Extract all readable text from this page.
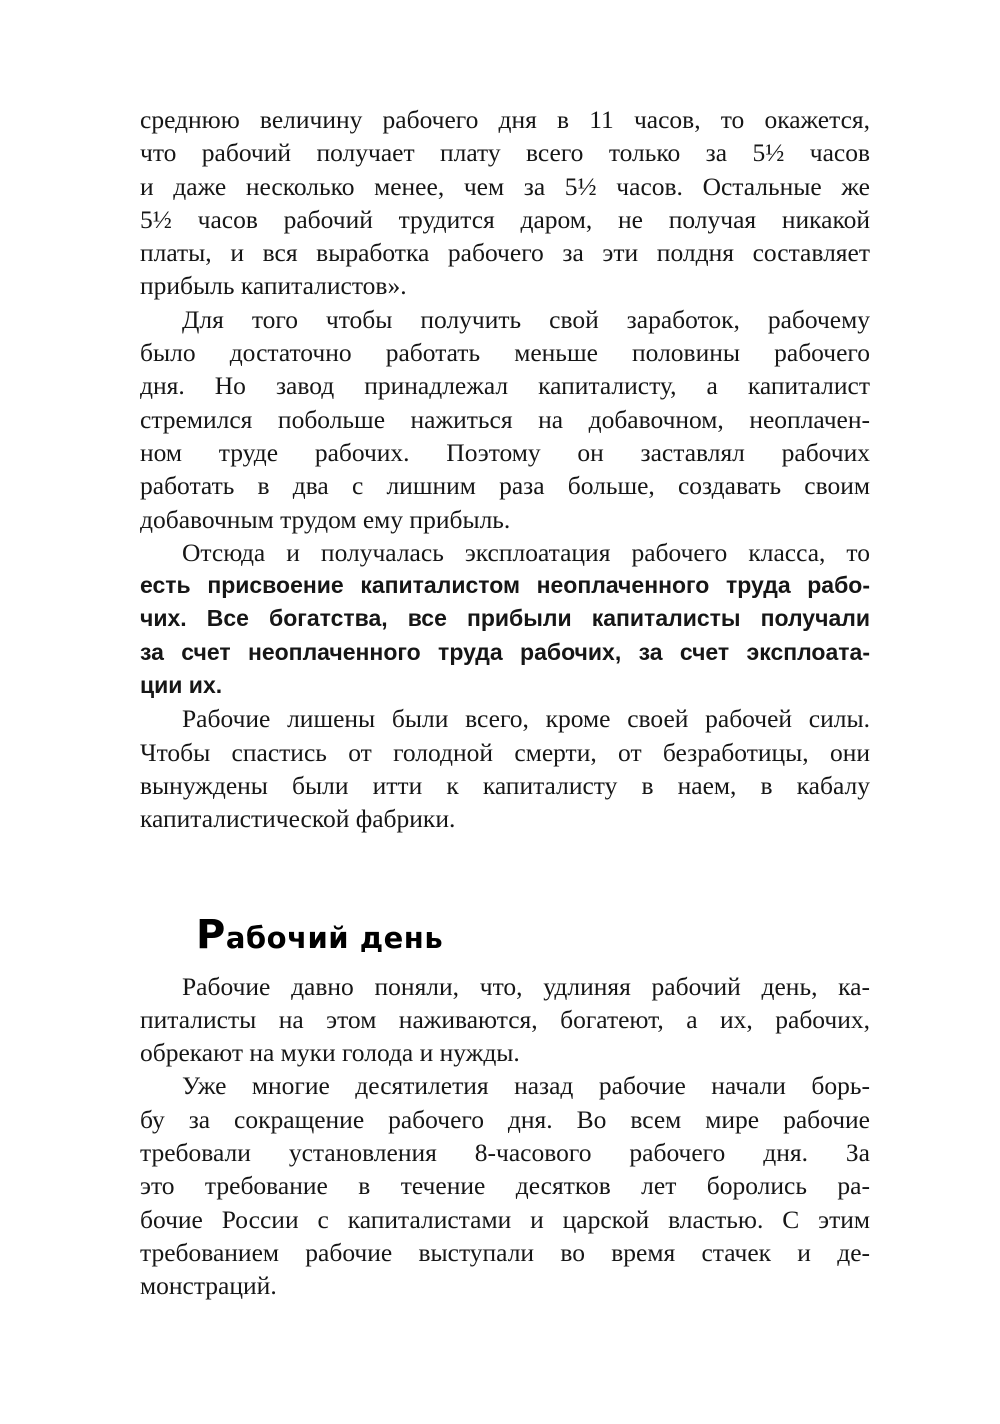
среднюю величину рабочего дня в 11 часов, то окажется,
что рабочий получает плату всего только за 5½ часов
и даже несколько менее, чем за 5½ часов. Остальные же
5½ часов рабочий трудится даром, не получая никакой
платы, и вся выработка рабочего за эти полдня составляет
прибыль капиталистов».
Для того чтобы получить свой заработок, рабочему
было достаточно работать меньше половины рабочего
дня. Но завод принадлежал капиталисту, а капиталист
стремился побольше нажиться на добавочном, неоплачен-
ном труде рабочих. Поэтому он заставлял рабочих
работать в два с лишним раза больше, создавать своим
добавочным трудом ему прибыль.
Отсюда и получалась эксплоатация рабочего класса, то
есть присвоение капиталистом неоплаченного труда рабо-
чих. Все богатства, все прибыли капиталисты получали
за счет неоплаченного труда рабочих, за счет эксплоата-
ции их.
Рабочие лишены были всего, кроме своей рабочей силы.
Чтобы спастись от голодной смерти, от безработицы, они
вынуждены были итти к капиталисту в наем, в кабалу
капиталистической фабрики.
Рабочий день
Рабочие давно поняли, что, удлиняя рабочий день, ка-
питалисты на этом наживаются, богатеют, а их, рабочих,
обрекают на муки голода и нужды.
Уже многие десятилетия назад рабочие начали борь-
бу за сокращение рабочего дня. Во всем мире рабочие
требовали установления 8-часового рабочего дня. За
это требование в течение десятков лет боролись ра-
бочие России с капиталистами и царской властью. С этим
требованием рабочие выступали во время стачек и де-
монстраций.
